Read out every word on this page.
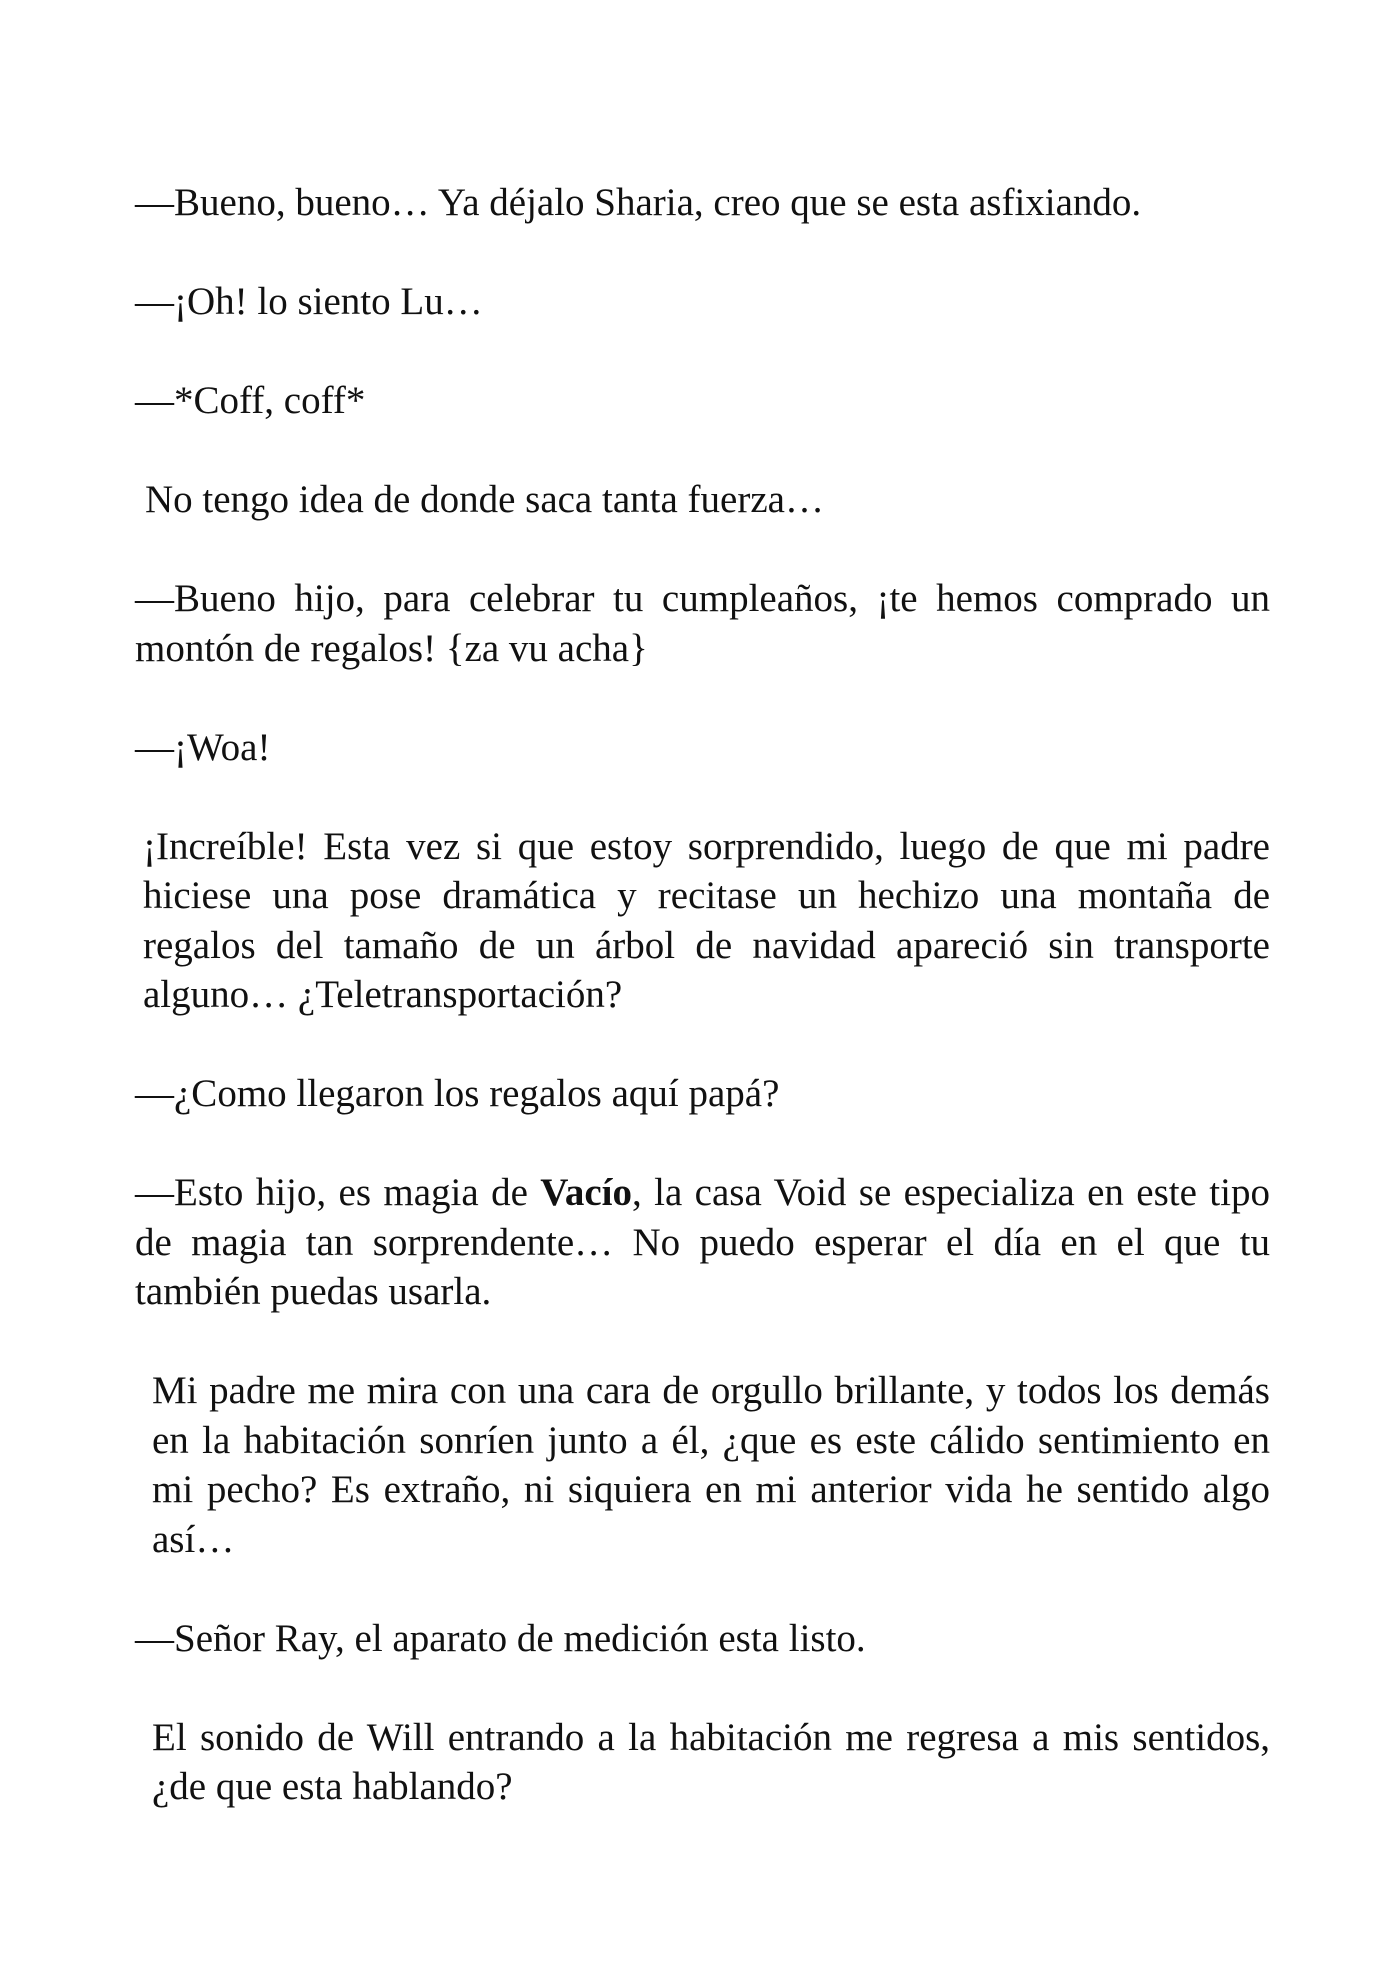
—Bueno, bueno… Ya déjalo Sharia, creo que se esta asfixiando.

—¡Oh! lo siento Lu…

—*Coff, coff*

No tengo idea de donde saca tanta fuerza…

—Bueno hijo, para celebrar tu cumpleaños, ¡te hemos comprado un montón de regalos! {za vu acha}

—¡Woa!

¡Increíble! Esta vez si que estoy sorprendido, luego de que mi padre hiciese una pose dramática y recitase un hechizo una montaña de regalos del tamaño de un árbol de navidad apareció sin transporte alguno… ¿Teletransportación?

—¿Como llegaron los regalos aquí papá?

—Esto hijo, es magia de Vacío, la casa Void se especializa en este tipo de magia tan sorprendente… No puedo esperar el día en el que tu también puedas usarla.

Mi padre me mira con una cara de orgullo brillante, y todos los demás en la habitación sonríen junto a él, ¿que es este cálido sentimiento en mi pecho? Es extraño, ni siquiera en mi anterior vida he sentido algo así…

—Señor Ray, el aparato de medición esta listo.

El sonido de Will entrando a la habitación me regresa a mis sentidos, ¿de que esta hablando?
